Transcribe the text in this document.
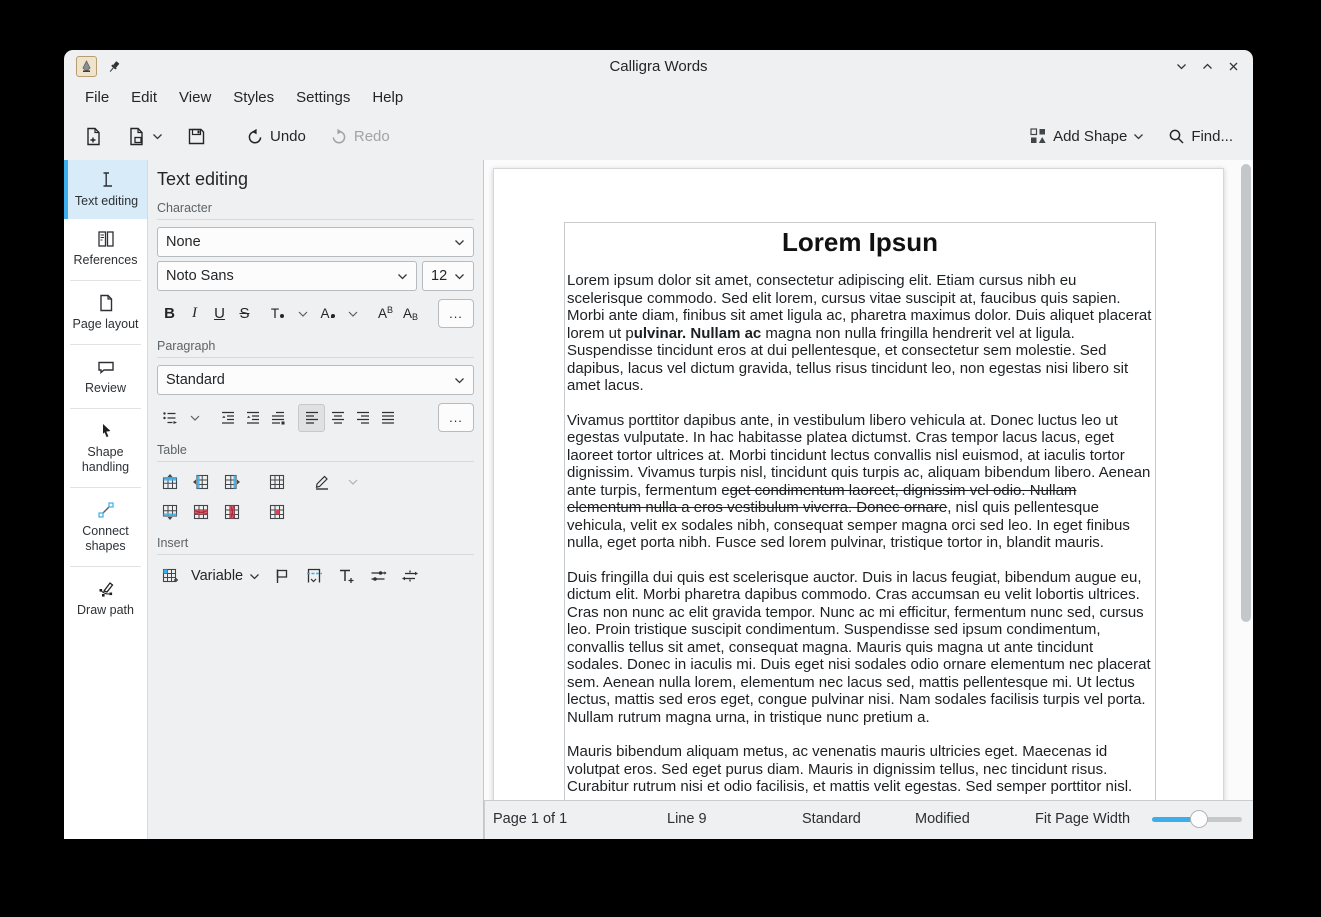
Calligra Words
File	Edit	View	Styles	Settings	Help
Undo	Redo	Add Shape	Find...
Text editing
References
Page layout
Review
Shape handling
Connect shapes
Draw path
Text editing
Character
None
Noto Sans	12
B	I	U S	T	A	A B A B	...
Paragraph
Standard
...
Table
Insert
Variable
Lorem Ipsun

Lorem ipsum dolor sit amet, consectetur adipiscing elit. Etiam cursus nibh eu scelerisque commodo. Sed elit lorem, cursus vitae suscipit at, faucibus quis sapien. Morbi ante diam, finibus sit amet ligula ac, pharetra maximus dolor. Duis aliquet placerat lorem ut pulvinar. Nullam ac magna non nulla fringilla hendrerit vel at ligula. Suspendisse tincidunt eros at dui pellentesque, et consectetur sem molestie. Sed dapibus, lacus vel dictum gravida, tellus risus tincidunt leo, non egestas nisi libero sit amet lacus.

Vivamus porttitor dapibus ante, in vestibulum libero vehicula at. Donec luctus leo ut egestas vulputate. In hac habitasse platea dictumst. Cras tempor lacus lacus, eget laoreet tortor ultrices at. Morbi tincidunt lectus convallis nisl euismod, at iaculis tortor dignissim. Vivamus turpis nisl, tincidunt quis turpis ac, aliquam bibendum libero. Aenean ante turpis, fermentum eget condimentum laoreet, dignissim vel odio. Nullam elementum nulla a eros vestibulum viverra. Donec ornare, nisl quis pellentesque vehicula, velit ex sodales nibh, consequat semper magna orci sed leo. In eget finibus nulla, eget porta nibh. Fusce sed lorem pulvinar, tristique tortor in, blandit mauris.

Duis fringilla dui quis est scelerisque auctor. Duis in lacus feugiat, bibendum augue eu, dictum elit. Morbi pharetra dapibus commodo. Cras accumsan eu velit lobortis ultrices. Cras non nunc ac elit gravida tempor. Nunc ac mi efficitur, fermentum nunc sed, cursus leo. Proin tristique suscipit condimentum. Suspendisse sed ipsum condimentum, convallis tellus sit amet, consequat magna. Mauris quis magna ut ante tincidunt sodales. Donec in iaculis mi. Duis eget nisi sodales odio ornare elementum nec placerat sem. Aenean nulla lorem, elementum nec lacus sed, mattis pellentesque mi. Ut lectus lectus, mattis sed eros eget, congue pulvinar nisi. Nam sodales facilisis turpis vel porta. Nullam rutrum magna urna, in tristique nunc pretium a.

Mauris bibendum aliquam metus, ac venenatis mauris ultricies eget. Maecenas id volutpat eros. Sed eget purus diam. Mauris in dignissim tellus, nec tincidunt risus. Curabitur rutrum nisi et odio facilisis, et mattis velit egestas. Sed semper porttitor nisl.

Page 1 of 1	Line 9	Standard	Modified	Fit Page Width
